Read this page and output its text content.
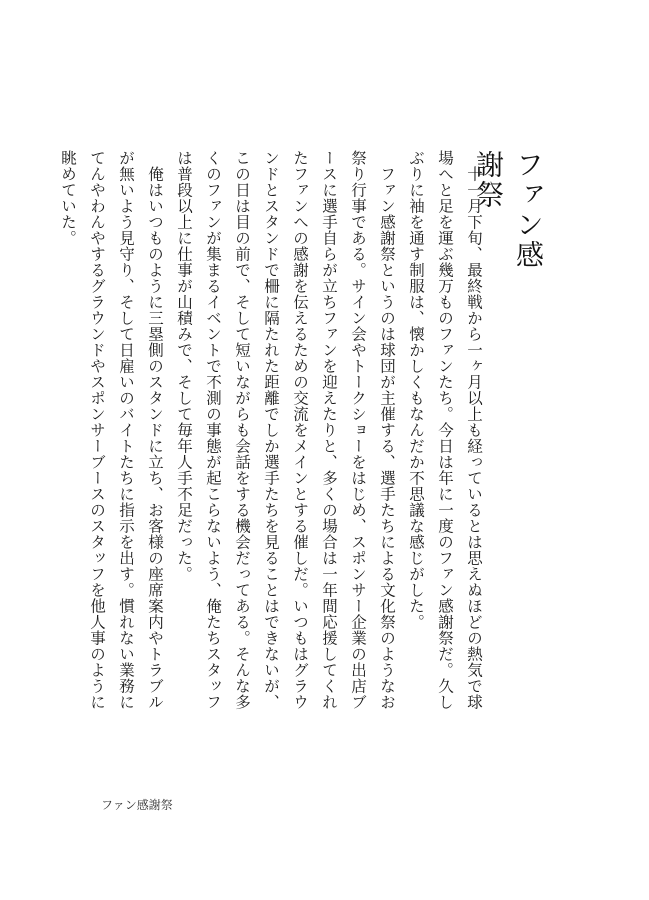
ファン感謝祭

十一月下旬、最終戦から一ヶ月以上も経っているとは思えぬほどの熱気で球場へと足を運ぶ幾万ものファンたち。今日は年に一度のファン感謝祭だ。久しぶりに袖を通す制服は、懐かしくもなんだか不思議な感じがした。

ファン感謝祭というのは球団が主催する、選手たちによる文化祭のようなお祭り行事である。サイン会やトークショーをはじめ、スポンサー企業の出店ブースに選手自らが立ちファンを迎えたりと、多くの場合は一年間応援してくれたファンへの感謝を伝えるための交流をメインとする催しだ。いつもはグラウンドとスタンドで柵に隔たれた距離でしか選手たちを見ることはできないが、この日は目の前で、そして短いながらも会話をする機会だってある。そんな多くのファンが集まるイベントで不測の事態が起こらないよう、俺たちスタッフは普段以上に仕事が山積みで、そして毎年人手不足だった。

俺はいつものように三塁側のスタンドに立ち、お客様の座席案内やトラブルが無いよう見守り、そして日雇いのバイトたちに指示を出す。慣れない業務にてんやわんやするグラウンドやスポンサーブースのスタッフを他人事のように眺めていた。

ファン感謝祭
